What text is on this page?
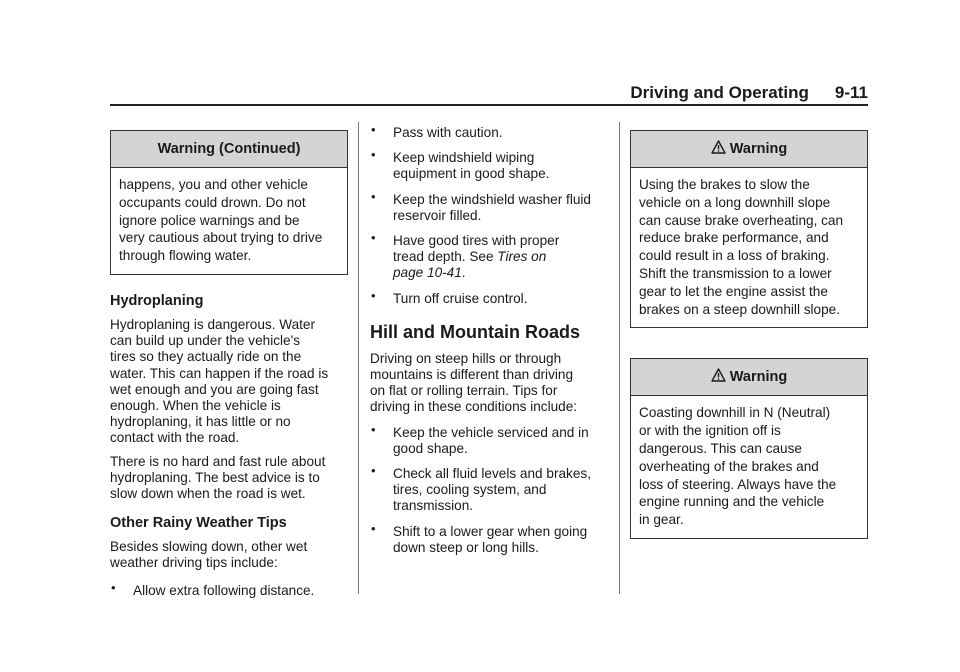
Driving and Operating 9-11
Warning (Continued)
happens, you and other vehicle
occupants could drown. Do not
ignore police warnings and be
very cautious about trying to drive
through flowing water.
Hydroplaning

Hydroplaning is dangerous. Water
can build up under the vehicle's
tires so they actually ride on the
water. This can happen if the road is
wet enough and you are going fast
enough. When the vehicle is
hydroplaning, it has little or no
contact with the road.

There is no hard and fast rule about
hydroplaning. The best advice is to
slow down when the road is wet.

Other Rainy Weather Tips

Besides slowing down, other wet
weather driving tips include:

• Allow extra following distance.
• Pass with caution.
• Keep windshield wiping
equipment in good shape.
• Keep the windshield washer fluid
reservoir filled.
• Have good tires with proper
tread depth. See Tires on
page 10-41.
• Turn off cruise control.
Hill and Mountain Roads

Driving on steep hills or through
mountains is different than driving
on flat or rolling terrain. Tips for
driving in these conditions include:

• Keep the vehicle serviced and in
good shape.
• Check all fluid levels and brakes,
tires, cooling system, and
transmission.
• Shift to a lower gear when going
down steep or long hills.
Warning
Using the brakes to slow the
vehicle on a long downhill slope
can cause brake overheating, can
reduce brake performance, and
could result in a loss of braking.
Shift the transmission to a lower
gear to let the engine assist the
brakes on a steep downhill slope.
Warning
Coasting downhill in N (Neutral)
or with the ignition off is
dangerous. This can cause
overheating of the brakes and
loss of steering. Always have the
engine running and the vehicle
in gear.
